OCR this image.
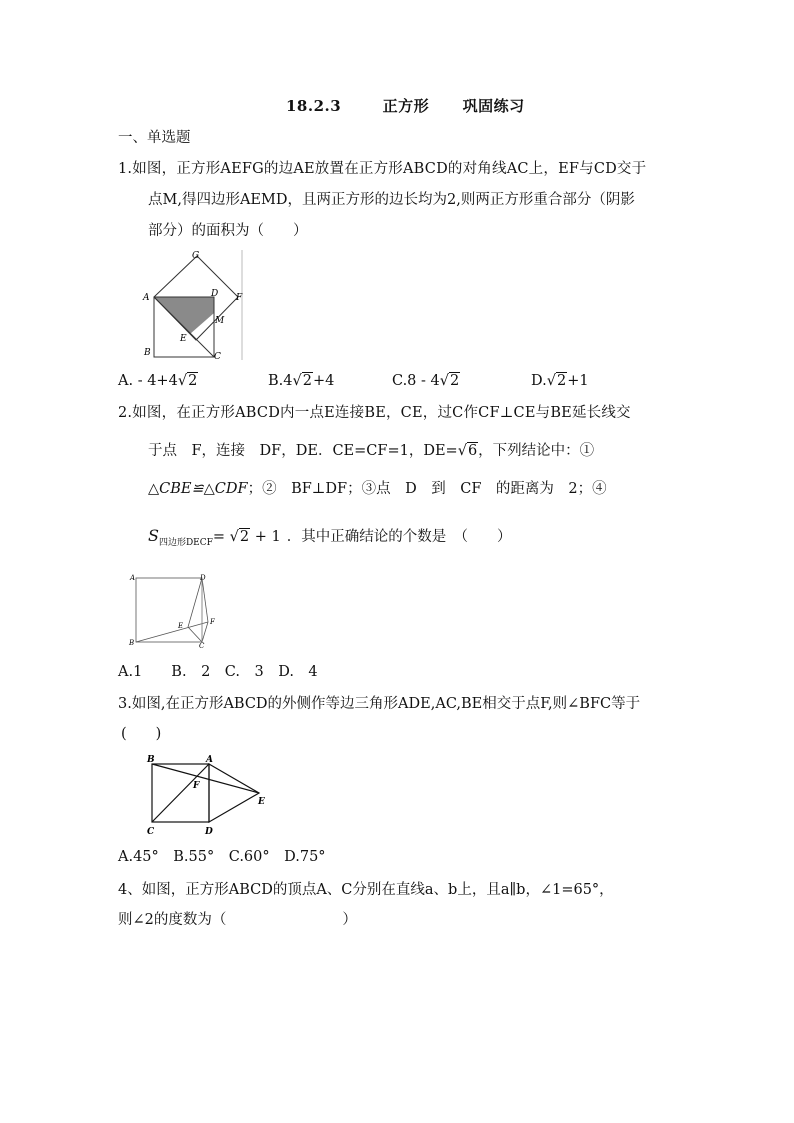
18.2.3	正方形 巩固练习
一、单选题
1.如图，正方形AEFG的边AE放置在正方形ABCD的对角线AC上，EF与CD交于
点M,得四边形AEMD，且两正方形的边长均为2,则两正方形重合部分（阴影
部分）的面积为（　　）
G
A	D F
M
E
B	C
A. - 4+4√2	B.4√2+4	C.8 - 4√2	D.√2+1
2.如图，在正方形ABCD内一点E连接BE，CE，过C作CF⊥CE与BE延长线交
于点　F，连接　DF，DE．CE=CF=1，DE=√6，下列结论中：①
△CBE≌△CDF；②　BF⊥DF；③点　D　到　CF　的距离为　2；④
$S_{四边形DECF}= √2 + 1$ ．其中正确结论的个数是　（　　）
A	D
B	C
E	F
A.1　　B.　2　C.　3　D.　4
3.如图,在正方形ABCD的外侧作等边三角形ADE,AC,BE相交于点F,则∠BFC等于
(　　)
B	A
F
E
C	D
A.45°　B.55°　C.60°　D.75°
4、如图，正方形ABCD的顶点A、C分别在直线a、b上，且a∥b，∠1=65°，
则∠2的度数为（　　　　　　　　）
